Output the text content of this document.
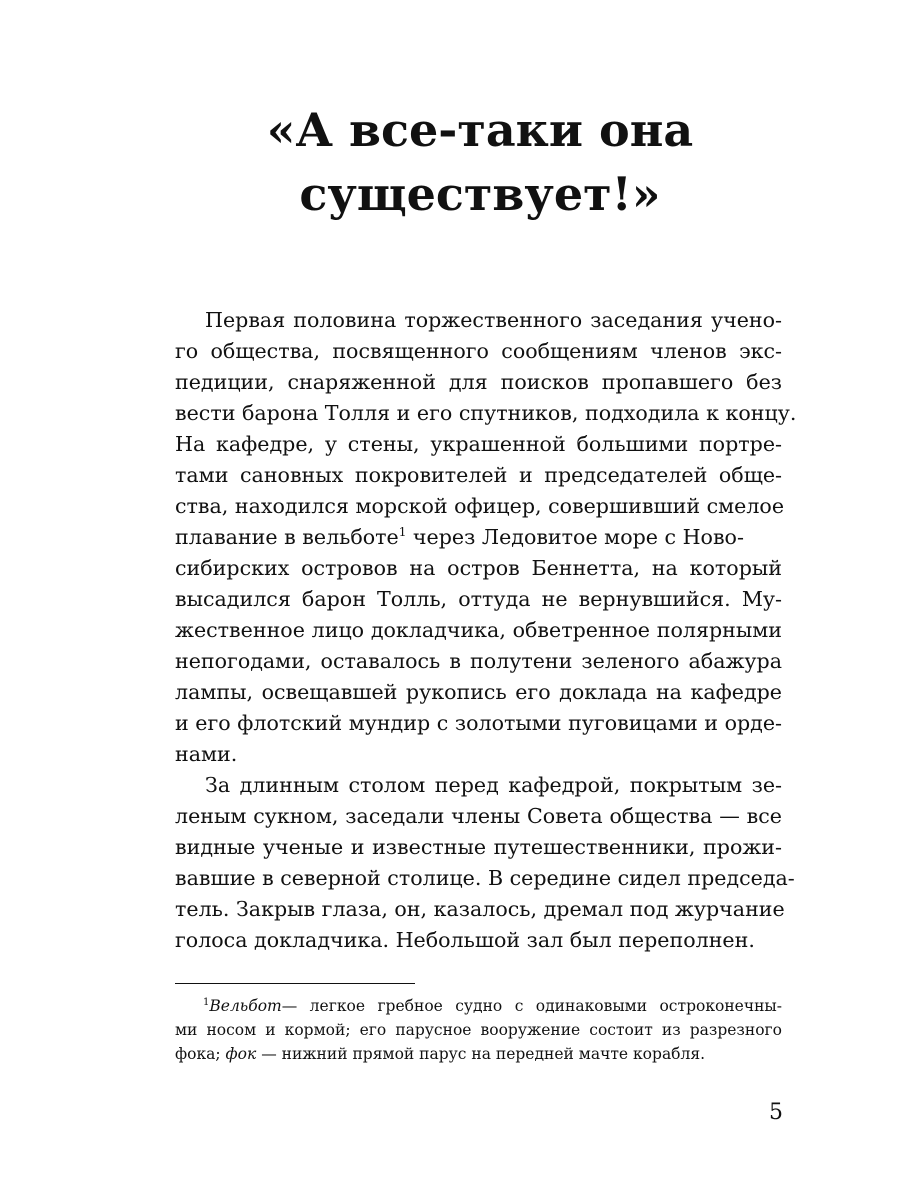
«А все-таки она
существует!»
Первая половина торжественного заседания учено-
го общества, посвященного сообщениям членов экс-
педиции, снаряженной для поисков пропавшего без
вести барона Толля и его спутников, подходила к концу.
На кафедре, у стены, украшенной большими портре-
тами сановных покровителей и председателей обще-
ства, находился морской офицер, совершивший смелое
плавание в вельботе$^1$ через Ледовитое море с Ново-
сибирских островов на остров Беннетта, на который
высадился барон Толль, оттуда не вернувшийся. Му-
жественное лицо докладчика, обветренное полярными
непогодами, оставалось в полутени зеленого абажура
лампы, освещавшей рукопись его доклада на кафедре
и его флотский мундир с золотыми пуговицами и орде-
нами.
За длинным столом перед кафедрой, покрытым зе-
леным сукном, заседали члены Совета общества — все
видные ученые и известные путешественники, прожи-
вавшие в северной столице. В середине сидел председа-
тель. Закрыв глаза, он, казалось, дремал под журчание
голоса докладчика. Небольшой зал был переполнен.
$^1$Вельбот— легкое гребное судно с одинаковыми остроконечны-
ми носом и кормой; его парусное вооружение состоит из разрезного
фока; фок — нижний прямой парус на передней мачте корабля.
5
